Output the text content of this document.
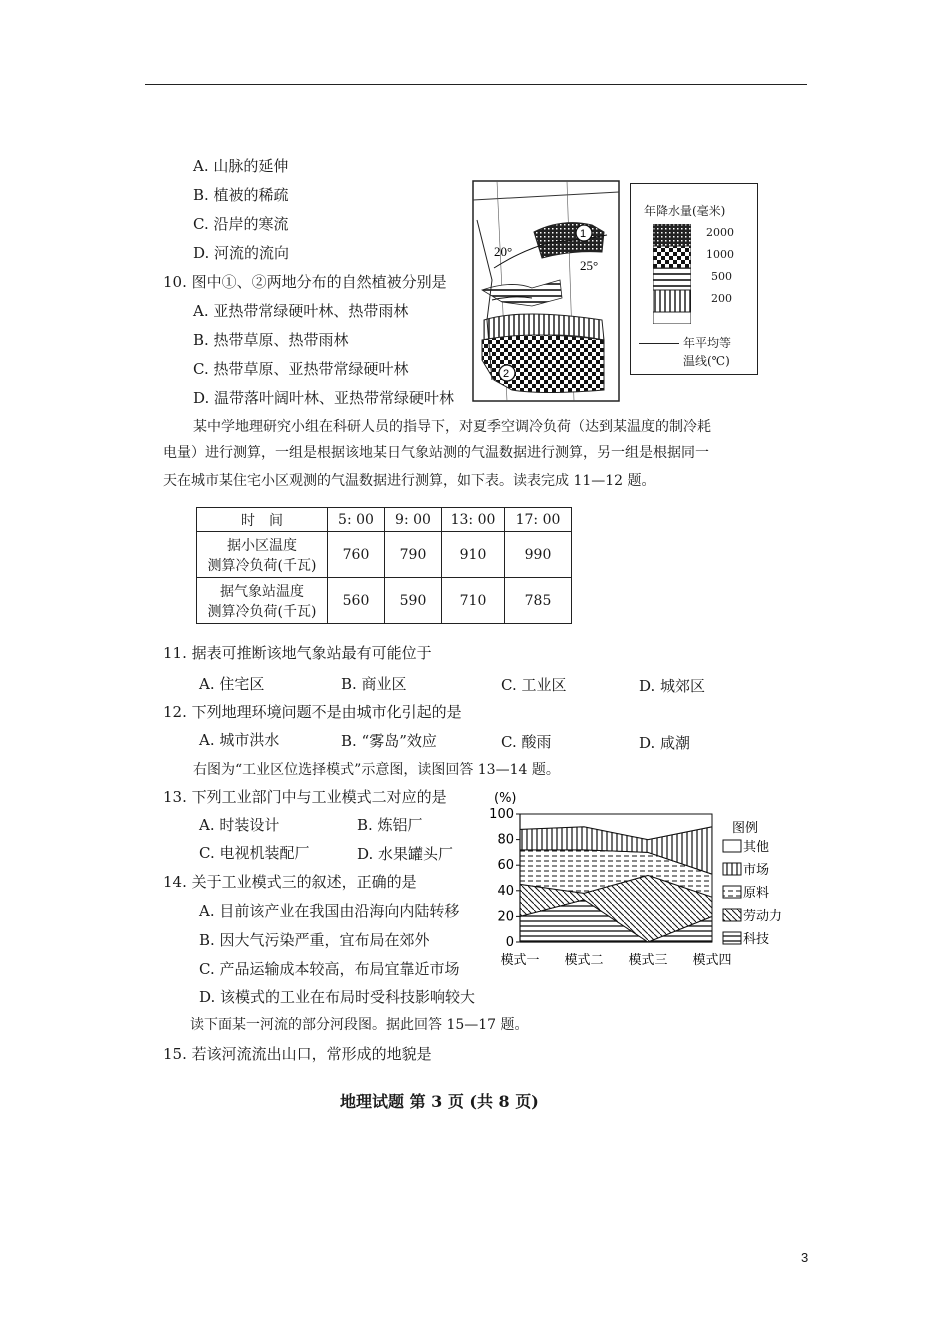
A. 山脉的延伸
B. 植被的稀疏
C. 沿岸的寒流
D. 河流的流向
10. 图中①、②两地分布的自然植被分别是
A. 亚热带常绿硬叶林、热带雨林
B. 热带草原、热带雨林
C. 热带草原、亚热带常绿硬叶林
D. 温带落叶阔叶林、亚热带常绿硬叶林
20°
25°
1
2
年降水量(毫米)
2000
1000
500
200
年平均等
温线(℃)
某中学地理研究小组在科研人员的指导下，对夏季空调冷负荷（达到某温度的制冷耗
电量）进行测算，一组是根据该地某日气象站测的气温数据进行测算，另一组是根据同一
天在城市某住宅小区观测的气温数据进行测算，如下表。读表完成 11—12 题。
时　间	5: 00	9: 00	13: 00	17: 00
据小区温度
测算冷负荷(千瓦)	760	790	910	990
据气象站温度
测算冷负荷(千瓦)	560	590	710	785
11. 据表可推断该地气象站最有可能位于
A. 住宅区	B. 商业区	C. 工业区	D. 城郊区
12. 下列地理环境问题不是由城市化引起的是
A. 城市洪水	B. “雾岛”效应	C. 酸雨	D. 咸潮
右图为“工业区位选择模式”示意图，读图回答 13—14 题。
13. 下列工业部门中与工业模式二对应的是
A. 时装设计	B. 炼铝厂
C. 电视机装配厂	D. 水果罐头厂
14. 关于工业模式三的叙述，正确的是
A. 目前该产业在我国由沿海向内陆转移
B. 因大气污染严重，宜布局在郊外
C. 产品运输成本较高，布局宜靠近市场
D. 该模式的工业在布局时受科技影响较大
100
80
60
40
20
0
模式一 模式二 模式三 模式四
(%)
图例
其他
市场
原料
劳动力
科技
读下面某一河流的部分河段图。据此回答 15—17 题。
15. 若该河流流出山口，常形成的地貌是
地理试题 第 3 页 (共 8 页)
3
